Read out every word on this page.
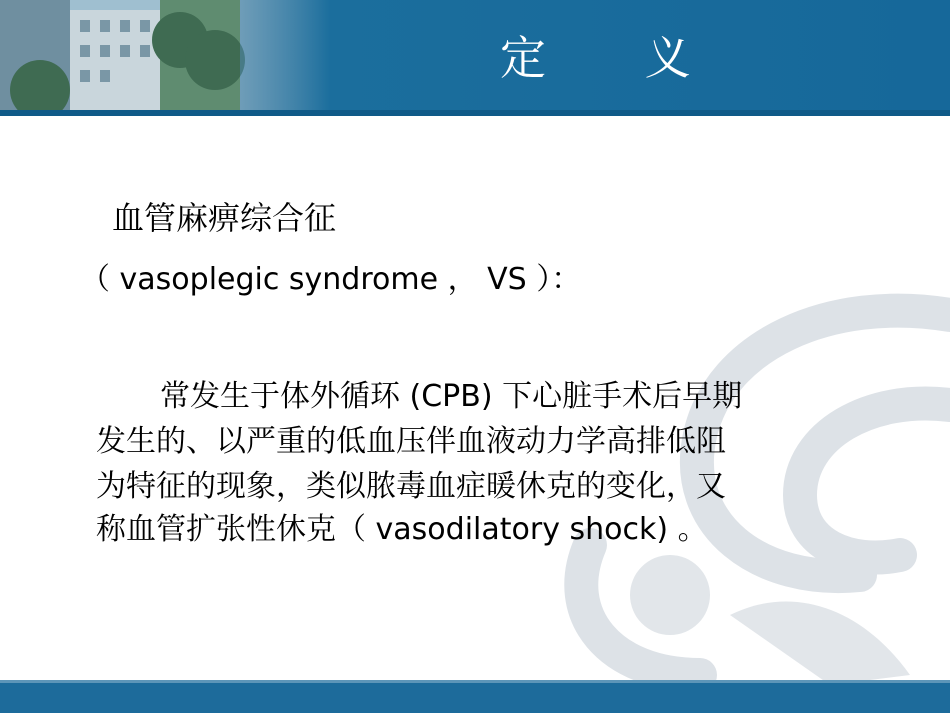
定 义
血管麻痹综合征
（ vasoplegic syndrome ， VS ）：
常发生于体外循环 (CPB) 下心脏手术后早期
发生的、以严重的低血压伴血液动力学高排低阻
为特征的现象，类似脓毒血症暖休克的变化，又
称血管扩张性休克（ vasodilatory shock) 。
